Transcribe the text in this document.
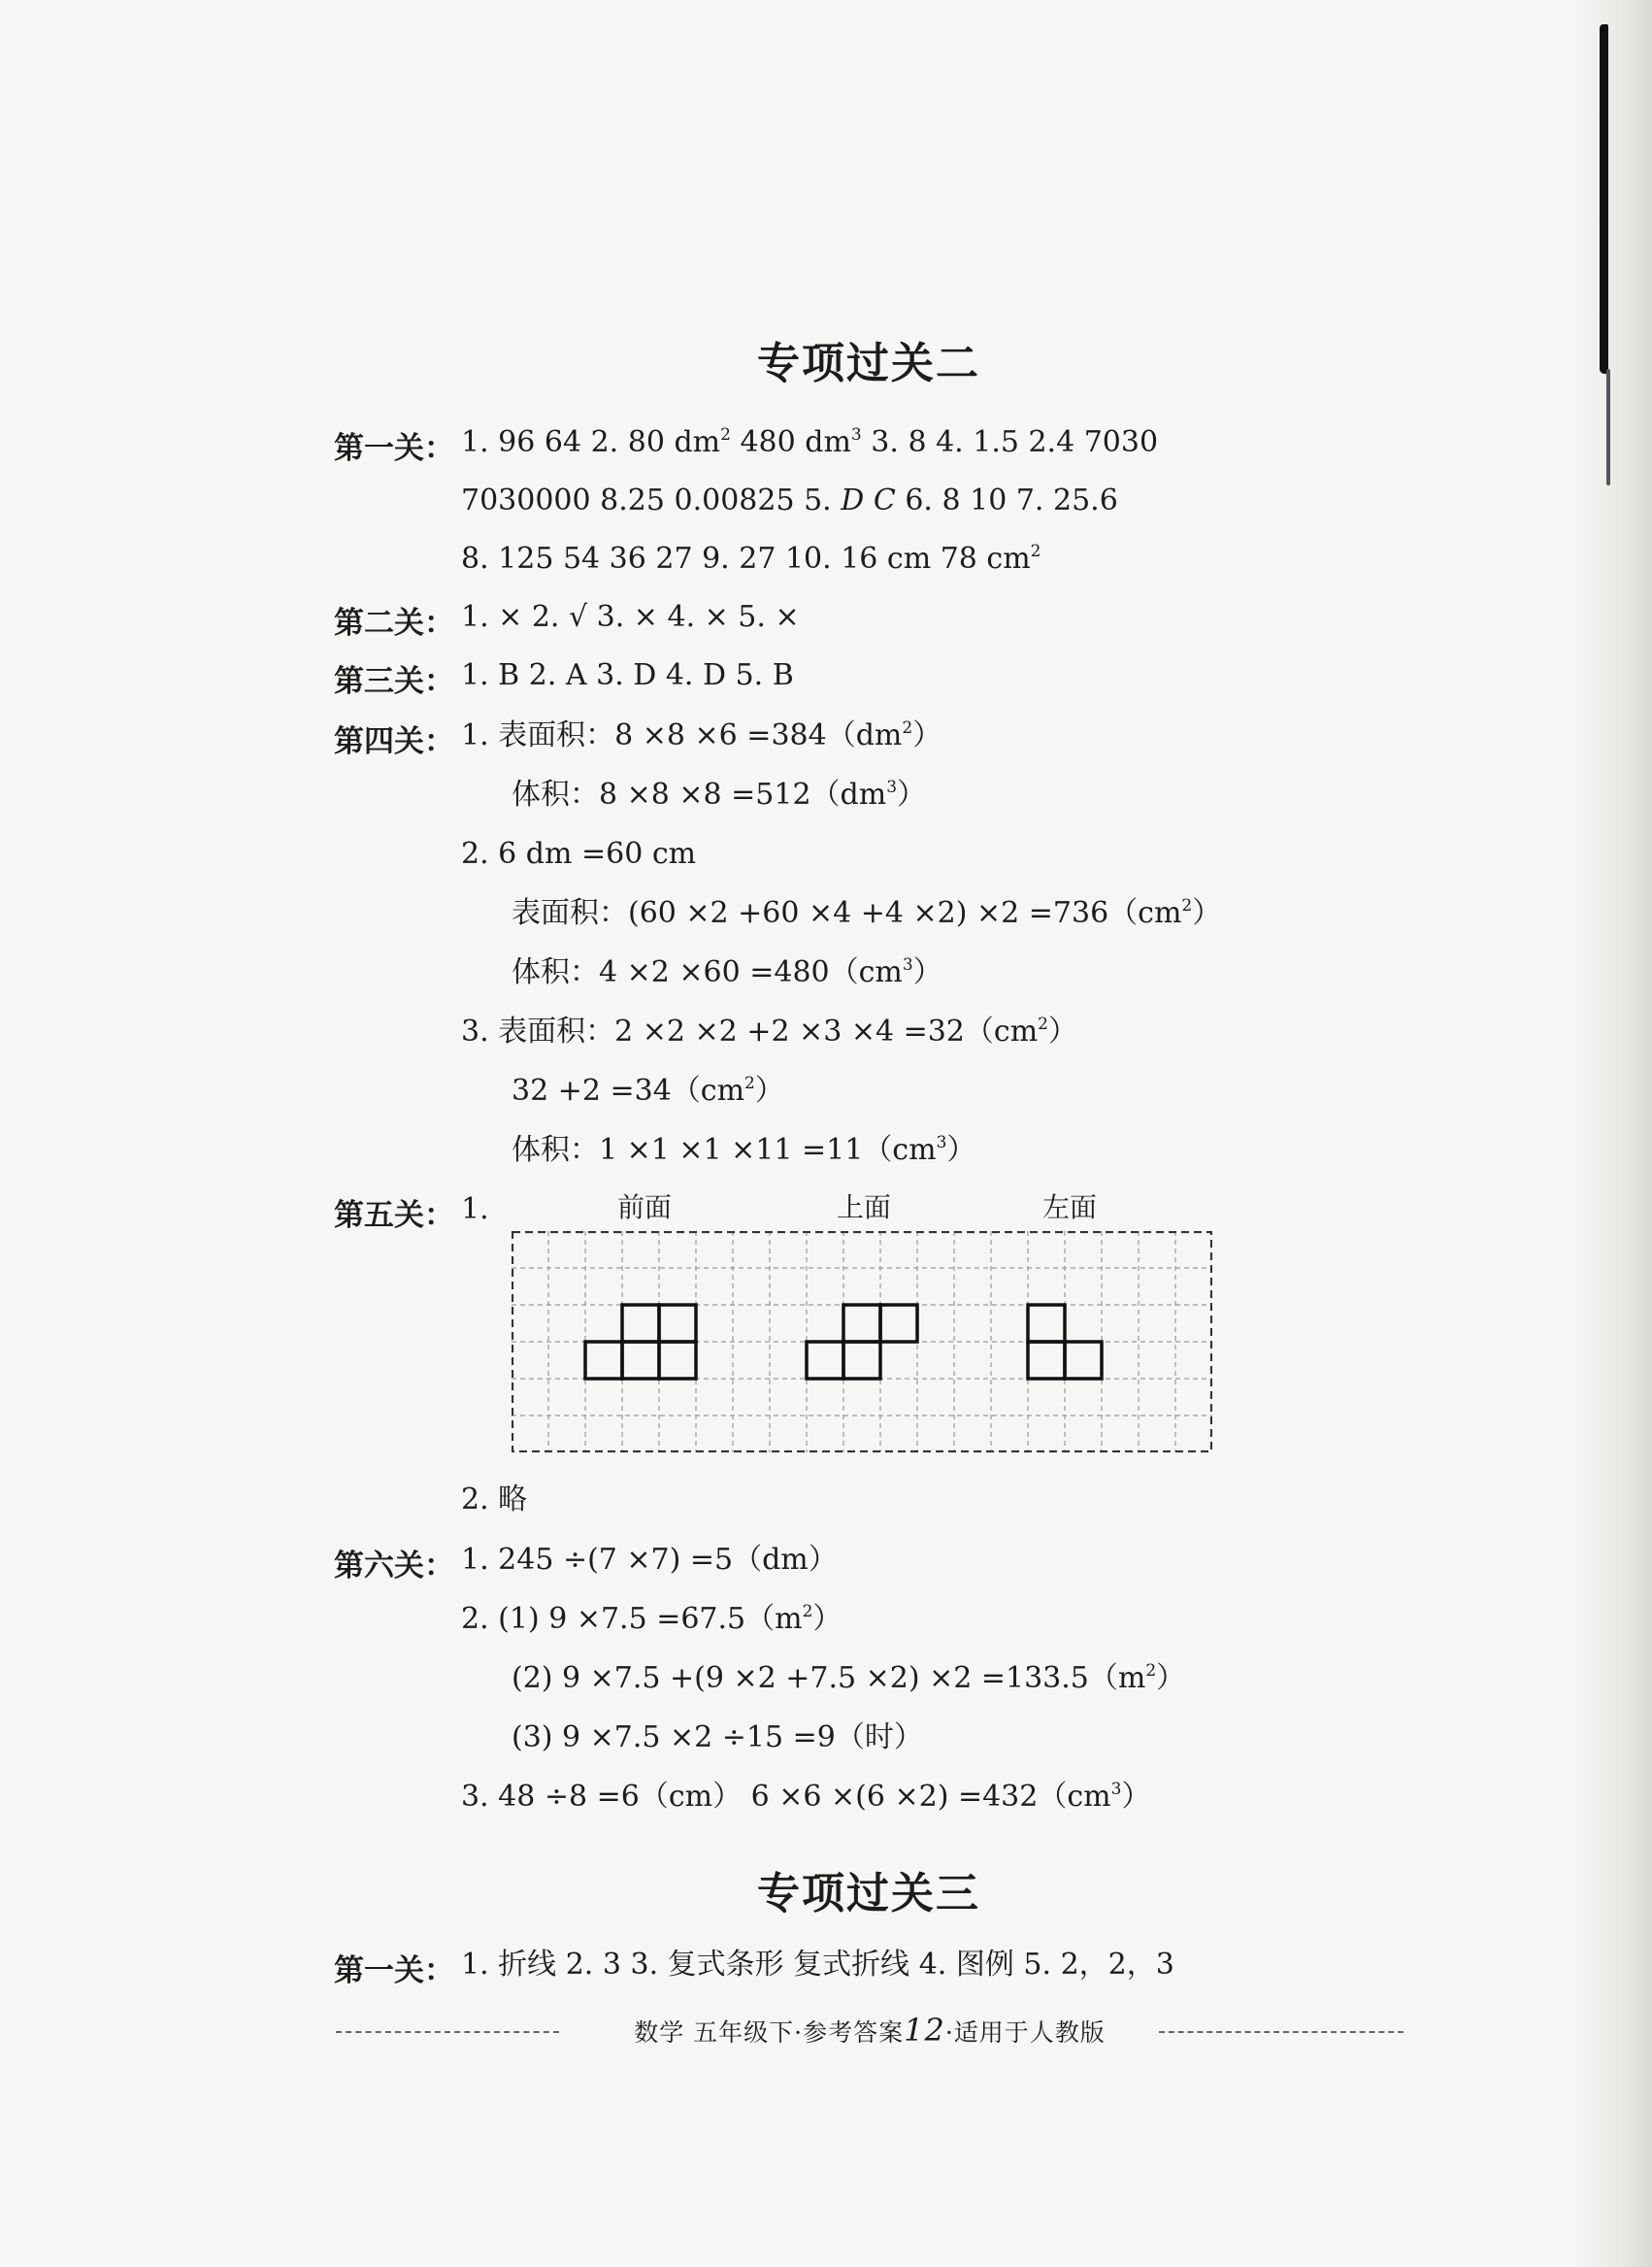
专项过关二
第一关： 1. 96 64 2. 80 $dm^2$ 480 $dm^3$ 3. 8 4. 1.5 2.4 7030
7030000 8.25 0.00825 5. D C 6. 8 10 7. 25.6
8. 125 54 36 27 9. 27 10. 16 cm 78 $cm^2$
第二关： 1. × 2. √ 3. × 4. × 5. ×
第三关： 1. B 2. A 3. D 4. D 5. B
第四关： 1. 表面积：$8 \times 8 \times 6 =384(dm^2)$
体积：$8 \times 8 \times 8 =512(dm^3)$
2. 6 dm =60 cm
表面积：$(60 \times 2 +60 \times 4 +4 \times 2) \times 2 =736(cm^2)$
体积：$4 \times 2 \times 60 =480(cm^3)$
3. 表面积：$2 \times 2 \times 2 +2 \times 3 \times 4 =32(cm^2)$
$32 +2 =34(cm^2)$
体积：$1 \times 1 \times 1 \times 11 =11(cm^3)$
第五关： 1.	前面	上面	左面
2. 略
第六关： 1. 245 ÷(7 ×7) =5（dm）
2. (1) $9 \times 7.5 =67.5(m^2)$
(2) $9 \times 7.5 +(9 \times 2 +7.5 \times 2) \times 2 =133.5(m^2)$
(3) 9 ×7.5 ×2 ÷15 =9（时）
3. 48 ÷8 =6（cm） $6 \times 6 \times(6 \times 2) =432(cm^3)$
专项过关三
第一关： 1. 折线 2. 3 3. 复式条形 复式折线 4. 图例 5. 2，2，3
数学 五年级下·参考答案12·适用于人教版
